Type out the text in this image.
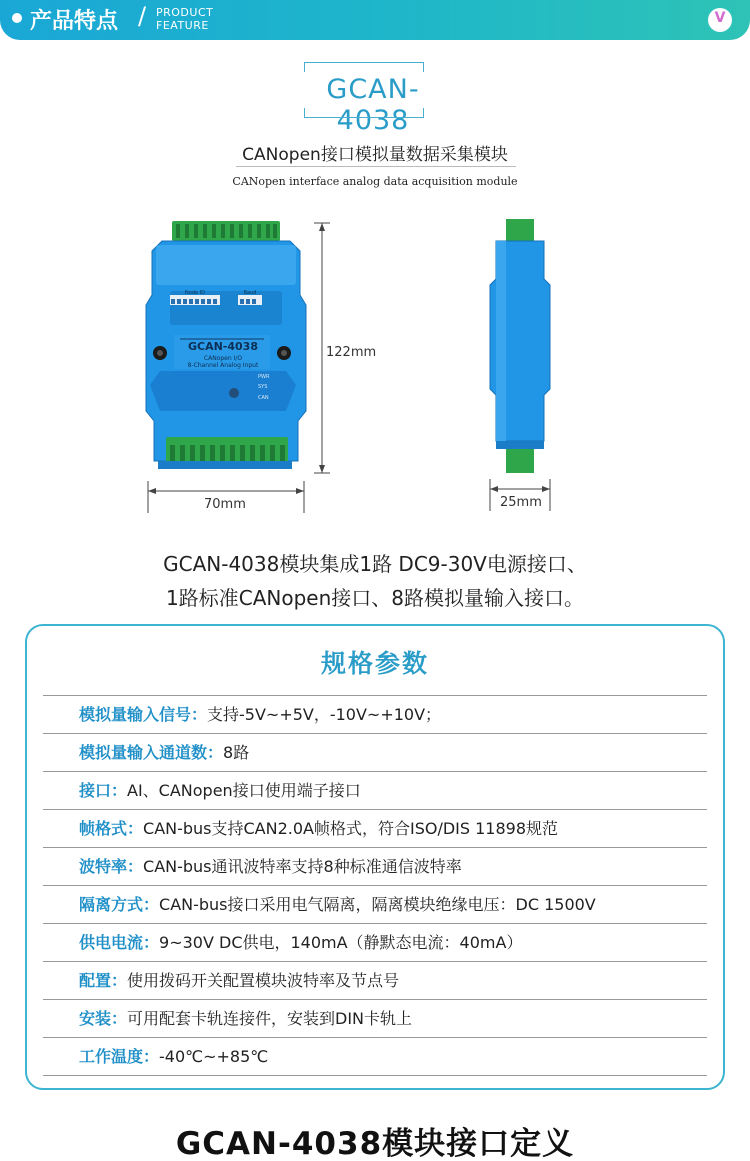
产品特点 / PRODUCT
FEATURE	V
GCAN-4038
CANopen接口模拟量数据采集模块
CANopen interface analog data acquisition module
GCAN-4038
CANopen I/O
8-Channel Analog Input
PWR
SYS
CAN
Node ID	Baud
122mm
70mm	25mm
GCAN-4038模块集成1路 DC9-30V电源接口、
1路标准CANopen接口、8路模拟量输入接口。
规格参数
模拟量输入信号：支持-5V~+5V，-10V~+10V；
模拟量输入通道数：8路
接口：AI、CANopen接口使用端子接口
帧格式：CAN-bus支持CAN2.0A帧格式，符合ISO/DIS 11898规范
波特率：CAN-bus通讯波特率支持8种标准通信波特率
隔离方式：CAN-bus接口采用电气隔离，隔离模块绝缘电压：DC 1500V
供电电流：9~30V DC供电，140mA（静默态电流：40mA）
配置：使用拨码开关配置模块波特率及节点号
安装：可用配套卡轨连接件，安装到DIN卡轨上
工作温度：-40℃~+85℃
GCAN-4038模块接口定义
